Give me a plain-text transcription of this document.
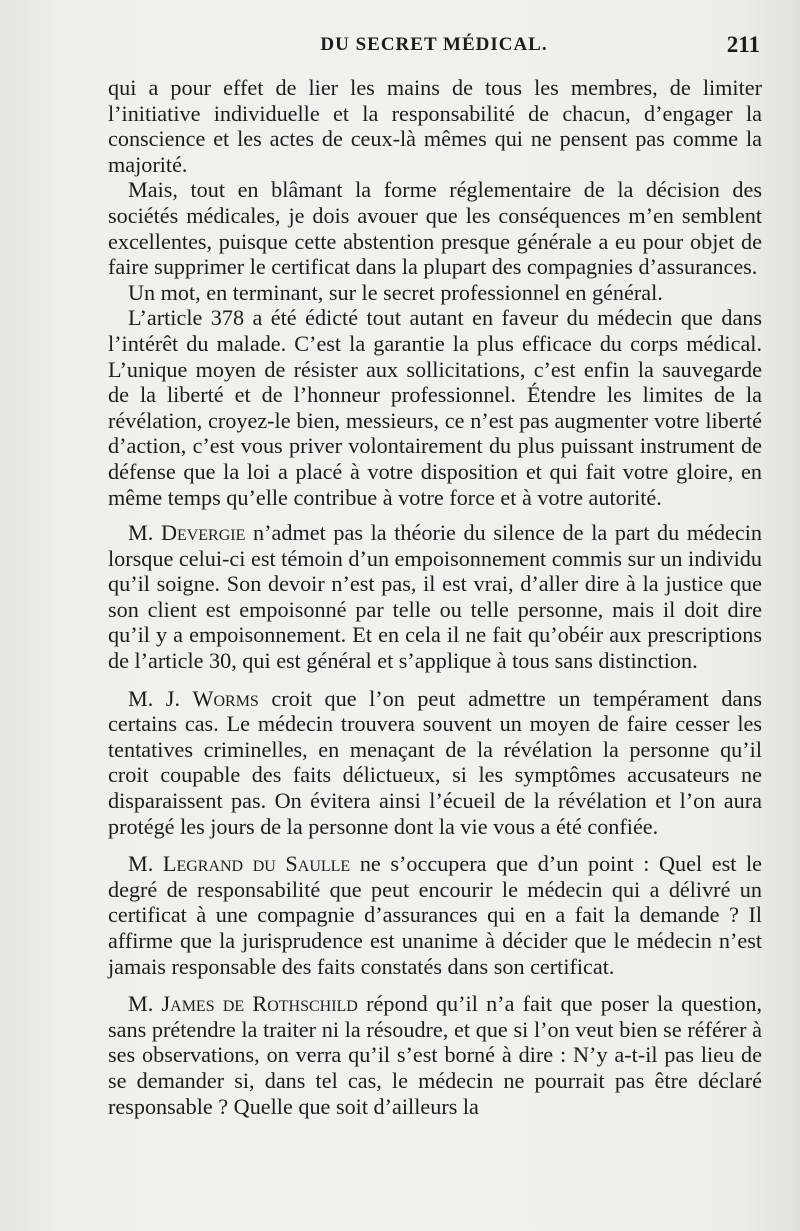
DU SECRET MÉDICAL.	211

qui a pour effet de lier les mains de tous les membres, de limiter l’initiative individuelle et la responsabilité de chacun, d’engager la conscience et les actes de ceux-là mêmes qui ne pensent pas comme la majorité.

Mais, tout en blâmant la forme réglementaire de la décision des sociétés médicales, je dois avouer que les conséquences m’en semblent excellentes, puisque cette abstention presque générale a eu pour objet de faire supprimer le certificat dans la plupart des compagnies d’assurances.

Un mot, en terminant, sur le secret professionnel en général.

L’article 378 a été édicté tout autant en faveur du médecin que dans l’intérêt du malade. C’est la garantie la plus efficace du corps médical. L’unique moyen de résister aux sollicitations, c’est enfin la sauvegarde de la liberté et de l’honneur professionnel. Étendre les limites de la révélation, croyez-le bien, messieurs, ce n’est pas augmenter votre liberté d’action, c’est vous priver volontairement du plus puissant instrument de défense que la loi a placé à votre disposition et qui fait votre gloire, en même temps qu’elle contribue à votre force et à votre autorité.

M. Devergie n’admet pas la théorie du silence de la part du médecin lorsque celui-ci est témoin d’un empoisonnement commis sur un individu qu’il soigne. Son devoir n’est pas, il est vrai, d’aller dire à la justice que son client est empoisonné par telle ou telle personne, mais il doit dire qu’il y a empoisonnement. Et en cela il ne fait qu’obéir aux prescriptions de l’article 30, qui est général et s’applique à tous sans distinction.

M. J. Worms croit que l’on peut admettre un tempérament dans certains cas. Le médecin trouvera souvent un moyen de faire cesser les tentatives criminelles, en menaçant de la révélation la personne qu’il croit coupable des faits délictueux, si les symptômes accusateurs ne disparaissent pas. On évitera ainsi l’écueil de la révélation et l’on aura protégé les jours de la personne dont la vie vous a été confiée.

M. Legrand du Saulle ne s’occupera que d’un point : Quel est le degré de responsabilité que peut encourir le médecin qui a délivré un certificat à une compagnie d’assurances qui en a fait la demande ? Il affirme que la jurisprudence est unanime à décider que le médecin n’est jamais responsable des faits constatés dans son certificat.

M. James de Rothschild répond qu’il n’a fait que poser la question, sans prétendre la traiter ni la résoudre, et que si l’on veut bien se référer à ses observations, on verra qu’il s’est borné à dire : N’y a-t-il pas lieu de se demander si, dans tel cas, le médecin ne pourrait pas être déclaré responsable ? Quelle que soit d’ailleurs la
